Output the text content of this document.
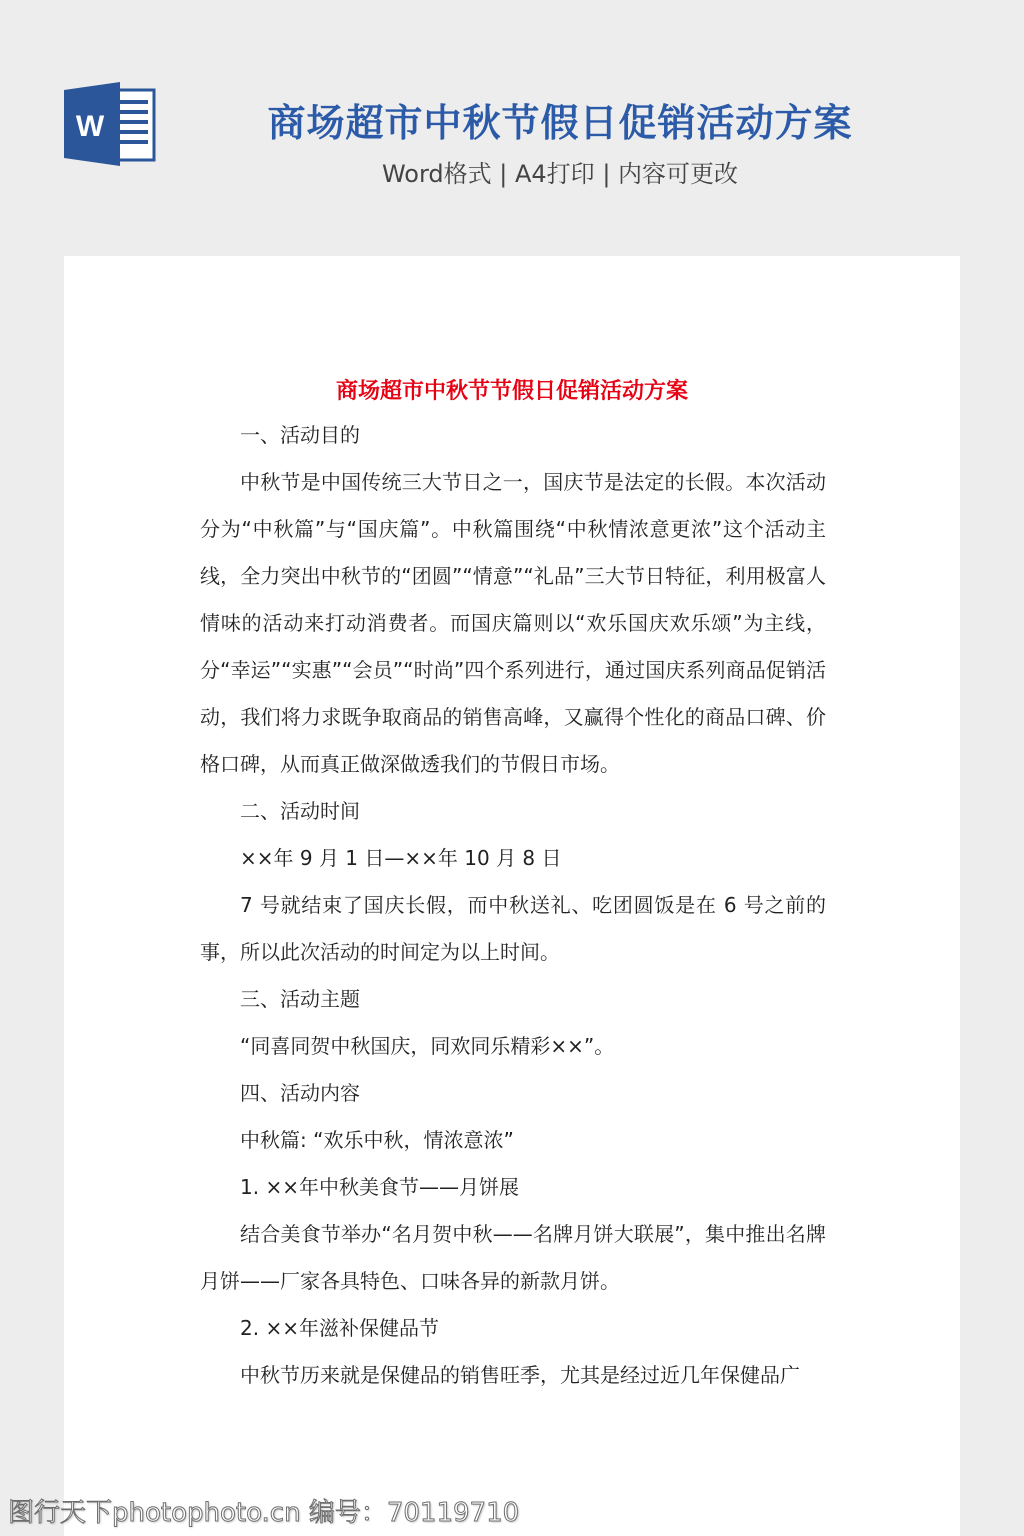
W	商场超市中秋节假日促销活动方案
Word格式 | A4打印 | 内容可更改
商场超市中秋节节假日促销活动方案

一、活动目的

中秋节是中国传统三大节日之一，国庆节是法定的长假。本次活动分为“中秋篇”与“国庆篇”。中秋篇围绕“中秋情浓意更浓”这个活动主线，全力突出中秋节的“团圆”“情意”“礼品”三大节日特征，利用极富人情味的活动来打动消费者。而国庆篇则以“欢乐国庆欢乐颂”为主线，分“幸运”“实惠”“会员”“时尚”四个系列进行，通过国庆系列商品促销活动，我们将力求既争取商品的销售高峰，又赢得个性化的商品口碑、价格口碑，从而真正做深做透我们的节假日市场。

二、活动时间

××年 9 月 1 日—××年 10 月 8 日

7 号就结束了国庆长假，而中秋送礼、吃团圆饭是在 6 号之前的事，所以此次活动的时间定为以上时间。

三、活动主题

“同喜同贺中秋国庆，同欢同乐精彩××”。

四、活动内容

中秋篇: “欢乐中秋，情浓意浓”

1. ××年中秋美食节——月饼展

结合美食节举办“名月贺中秋——名牌月饼大联展”，集中推出名牌月饼——厂家各具特色、口味各异的新款月饼。

2. ××年滋补保健品节

中秋节历来就是保健品的销售旺季，尤其是经过近几年保健品广

图行天下photophoto.cn 编号：70119710
